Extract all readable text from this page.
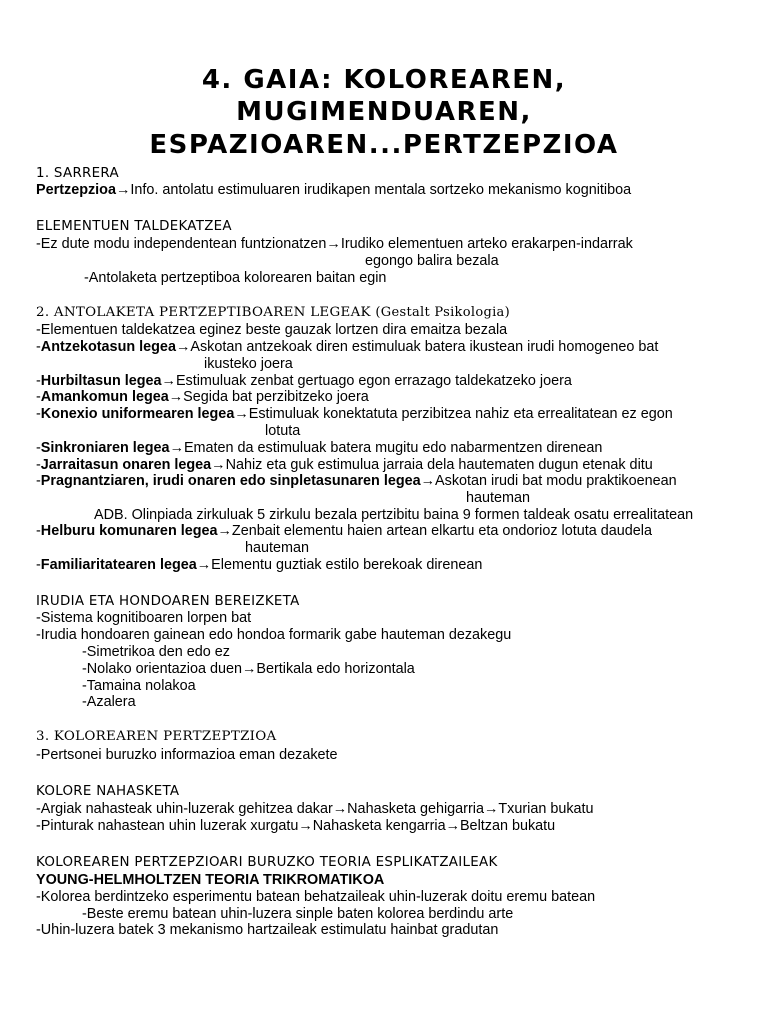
4. GAIA: KOLOREAREN,
MUGIMENDUAREN,
ESPAZIOAREN...PERTZEPZIOA
1. SARRERA
Pertzepzioa→Info. antolatu estimuluaren irudikapen mentala sortzeko mekanismo kognitiboa
ELEMENTUEN TALDEKATZEA
-Ez dute modu independentean funtzionatzen→Irudiko elementuen arteko erakarpen-indarrak
egongo balira bezala
-Antolaketa pertzeptiboa kolorearen baitan egin
2. ANTOLAKETA PERTZEPTIBOAREN LEGEAK (Gestalt Psikologia)
-Elementuen taldekatzea eginez beste gauzak lortzen dira emaitza bezala
-Antzekotasun legea→Askotan antzekoak diren estimuluak batera ikustean irudi homogeneo bat
ikusteko joera
-Hurbiltasun legea→Estimuluak zenbat gertuago egon errazago taldekatzeko joera
-Amankomun legea→Segida bat perzibitzeko joera
-Konexio uniformearen legea→Estimuluak konektatuta perzibitzea nahiz eta errealitatean ez egon
lotuta
-Sinkroniaren legea→Ematen da estimuluak batera mugitu edo nabarmentzen direnean
-Jarraitasun onaren legea→Nahiz eta guk estimulua jarraia dela hautematen dugun etenak ditu
-Pragnantziaren, irudi onaren edo sinpletasunaren legea→Askotan irudi bat modu praktikoenean
hauteman
ADB. Olinpiada zirkuluak 5 zirkulu bezala pertzibitu baina 9 formen taldeak osatu errealitatean
-Helburu komunaren legea→Zenbait elementu haien artean elkartu eta ondorioz lotuta daudela
hauteman
-Familiaritatearen legea→Elementu guztiak estilo berekoak direnean
IRUDIA ETA HONDOAREN BEREIZKETA
-Sistema kognitiboaren lorpen bat
-Irudia hondoaren gainean edo hondoa formarik gabe hauteman dezakegu
-Simetrikoa den edo ez
-Nolako orientazioa duen→Bertikala edo horizontala
-Tamaina nolakoa
-Azalera
3. KOLOREAREN PERTZEPTZIOA
-Pertsonei buruzko informazioa eman dezakete
KOLORE NAHASKETA
-Argiak nahasteak uhin-luzerak gehitzea dakar→Nahasketa gehigarria→Txurian bukatu
-Pinturak nahastean uhin luzerak xurgatu→Nahasketa kengarria→Beltzan bukatu
KOLOREAREN PERTZEPZIOARI BURUZKO TEORIA ESPLIKATZAILEAK
YOUNG-HELMHOLTZEN TEORIA TRIKROMATIKOA
-Kolorea berdintzeko esperimentu batean behatzaileak uhin-luzerak doitu eremu batean
-Beste eremu batean uhin-luzera sinple baten kolorea berdindu arte
-Uhin-luzera batek 3 mekanismo hartzaileak estimulatu hainbat gradutan
